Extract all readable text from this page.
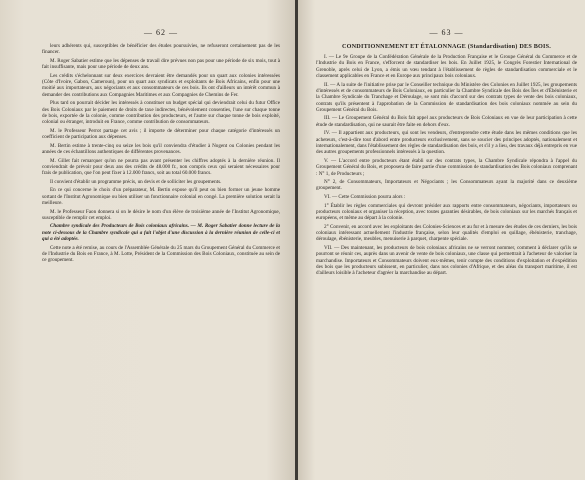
— 62 —

leurs adhérents qui, susceptibles de bénéficier des études poursuivies, ne refuseront certainement pas de les financer.

M. Roger Sabatier estime que les dépenses de travail dire prévues non pas pour une période de six mois, tout à fait insuffisante, mais pour une période de deux ans.

Les crédits s'échelonnant sur deux exercices devraient être demandés pour un quart aux colonies intéressées (Côte d'Ivoire, Gabon, Cameroun), pour un quart aux syndicats et exploitants de Bois Africains, enfin pour une moitié aux importateurs, aux négociants et aux consommateurs de ces bois. Ils ont d'ailleurs un intérêt commun à demander des contributions aux Compagnies Maritimes et aux Compagnies de Chemins de Fer.

Plus tard on pourrait décider les intéressés à constituer un budget spécial qui deviendrait celui du futur Office des Bois Coloniaux par le paiement de droits de taxe indirectes, bénévolement consenties, l'une sur chaque tonne de bois, exportée de la colonie, comme contribution des producteurs, et l'autre sur chaque tonne de bois exploité, colonial ou étranger, introduit en France, comme contribution de consommateurs.

M. le Professeur Perrot partage cet avis ; il importe de déterminer pour chaque catégorie d'intéressés un coefficient de participation aux dépenses.

M. Bertin estime à trente-cinq ou seize les bois qu'il conviendra d'étudier à Nogent ou Colonies pendant les années de ces échantillons authentiques de différentes provenances.

M. Gillet fait remarquer qu'on ne pourra pas avant présenter les chiffres adoptés à la dernière réunion. Il conviendrait de prévoir pour deux ans des crédits de 48.000 fr., non compris ceux qui seraient nécessaires pour frais de publication, que l'on peut fixer à 12.000 francs, soit au total 60.000 francs.

Il convient d'établir un programme précis, un devis et de solliciter les groupements.

En ce qui concerne le choix d'un préparateur, M. Bertin expose qu'il peut ou bien former un jeune homme sortant de l'Institut Agronomique ou bien utiliser un fonctionnaire colonial en congé. La première solution serait la meilleure.

M. le Professeur Faon donnera si on le désire le nom d'un élève de troisième année de l'Institut Agronomique, susceptible de remplir cet emploi.

Chambre syndicale des Producteurs de Bois coloniaux africains. — M. Roger Sabatier donne lecture de la note ci-dessous de la Chambre syndicale qui a fait l'objet d'une discussion à la dernière réunion de celle-ci et qui a été adoptée.

Cette note a été remise, au cours de l'Assemblée Générale du 25 mars du Groupement Général du Commerce et de l'Industrie du Bois en France, à M. Lotte, Président de la Commission des Bois Coloniaux, constituée au sein de ce groupement.

— 63 —
CONDITIONNEMENT ET ÉTALONNAGE (Standardisation) DES BOIS.

I. — Le 9e Groupe de la Confédération Générale de la Production Française et le Groupe Général du Commerce et de l'Industrie du Bois en France, s'efforcent de standardiser les bois. En Juillet 1925, le Congrès Forestier International de Grenoble, après celui de Lyon, a émis un vœu tendant à l'établissement de règles de standardisation commerciale et le classement applicables en France et en Europe aux principaux bois coloniaux.

II. — A la suite de l'initiative prise par le Conseiller technique du Ministère des Colonies en Juillet 1925, les groupements d'intéressés et de consommateurs de Bois Coloniaux, en particulier la Chambre Syndicale des Bois des Îles et d'Ébénisterie et la Chambre Syndicale du Tranchage et Déroulage, se sont mis d'accord sur des contrats types de vente des bois coloniaux, contrats qu'ils présentent à l'approbation de la Commission de standardisation des bois coloniaux nommée au sein du Groupement Général du Bois.

III. — Le Groupement Général du Bois fait appel aux producteurs de Bois Coloniaux en vue de leur participation à cette étude de standardisation, qui ne saurait être faite en dehors d'eux.

IV. — Il appartient aux producteurs, qui sont les vendeurs, d'entreprendre cette étude dans les mêmes conditions que les acheteurs, c'est-à-dire tout d'abord entre producteurs exclusivement, sans se soucier des principes adoptés, nationalement et internationalement, dans l'établissement des règles de standardisation des bois, et s'il y a lieu, des travaux déjà entrepris en vue des autres groupements professionnels intéressés à la question.

V. — L'accord entre producteurs étant établi sur des contrats types, la Chambre Syndicale répondra à l'appel du Groupement Général du Bois, et proposera de faire partie d'une commission de standardisation des Bois coloniaux comprenant : N° 1, de Producteurs ;

N° 2, de Consommateurs, Importateurs et Négociants ; les Consommateurs ayant la majorité dans ce deuxième groupement.

VI. — Cette Commission pourra alors :

1° Établir les règles commerciales qui devront présider aux rapports entre consommateurs, négociants, importateurs ou producteurs coloniaux et organiser la réception, avec toutes garanties désirables, de bois coloniaux sur les marchés français et européens, et même au départ à la colonie.

2° Convenir, en accord avec les exploitants des Colonies-Sciences et au fur et à mesure des études de ces derniers, les bois coloniaux intéressant actuellement l'industrie française, selon leur qualités d'emploi en quillage, ébénisterie, tranchage, déroulage, ébénisterie, meubles, menuiserie à parquet, charpente spéciale.

VII. — Des maintenant, les producteurs de bois coloniaux africains ne se verront nommer, comment à déclarer qu'ils se pourront se réunir ces, auprès dans un avenir de vente de bois coloniaux, une classe qui permettrait à l'acheteur de valoriser la marchandise. Importateurs et Consommateurs doivent eux-mêmes, tenir compte des conditions d'exploitation et d'expédition des bois que les producteurs subissent, en particulier, dans nos colonies d'Afrique, et des aléas du transport maritime, il est d'ailleurs loisible à l'acheteur d'agréer la marchandise au départ.
